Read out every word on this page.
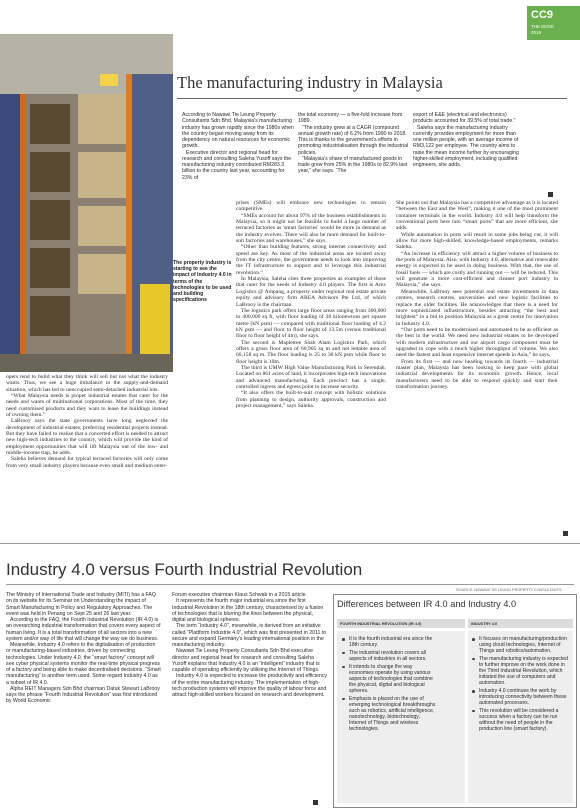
CC9
THE EDGE
2019
The manufacturing industry in Malaysia

According to Nawawi Tie Leung Property Consultants Sdn Bhd, Malaysia's manufacturing industry has grown rapidly since the 1980s when the country began moving away from its dependency on natural resources for economic growth.

Executive director and regional head for research and consulting Saleha Yusoff says the manufacturing industry contributed RM283.3 billion to the country last year, accounting for 23% of

the total economy — a five-fold increase from 1989.

“The industry grew at a CAGR (compound annual growth rate) of 6.2% from 1990 to 2018. This is thanks to the government's efforts in promoting industrialisation through the industrial policies.

“Malaysia's share of manufactured goods in trade grew from 25% in the 1980s to 82.9% last year,” she says. “The

export of E&E (electrical and electronics) products accounted for 39.5% of total trade.”

Saleha says the manufacturing industry currently provides employment for more than one million people, with an average income of RM3,122 per employee. The country aims to raise the mean income further by encouraging higher-skilled employment, including qualified engineers, she adds.

The property industry is starting to see the impact of Industry 4.0 in terms of the technologies to be used and building specifications

opers tend to build what they think will sell but not what the industry wants. Thus, we see a huge imbalance in the supply-and-demand situation, which has led to unoccupied semi-detached industrial lots.

“What Malaysia needs is proper industrial estates that cater for the needs and wants of multinational corporations. Most of the time, they need customised products and they want to lease the buildings instead of owning them.”

LaBrooy says the state governments have long neglected the development of industrial estates, preferring residential projects instead. But they have failed to realise that a concerted effort is needed to attract new high-tech industries to the country, which will provide the kind of employment opportunities that will lift Malaysia out of the low- and middle-income trap, he adds.

Saleha believes demand for typical terraced factories will only come from very small industry players because even small and medium enter-

prises (SMEs) will embrace new technologies to remain competitive.

“SMEs account for about 97% of the business establishments in Malaysia, so it might not be feasible to build a huge number of terraced factories as 'smart factories' would be more in demand as the industry evolves. There will also be more demand for built-to-suit factories and warehouses,” she says.

“Other than building features, strong internet connectivity and speed are key. As most of the industrial areas are located away from the city centre, the government needs to look into improving the IT infrastructure to support and to leverage this industrial revolution.”

In Malaysia, Saleha cites three properties as examples of those that cater for the needs of Industry 4.0 players. The first is Arex Logistics @ Ampang, a property under regional real estate private equity and advisory firm AREA Advisors Pte Ltd, of which LaBrooy is the chairman.

The logistics park offers large floor areas ranging from 300,000 to 400,000 sq ft, with floor loading of 30 kilonewtons per square metre (kN psm) — compared with traditional floor loading of 4.2 kN psm — and floor to floor height of 13.5m (versus traditional floor to floor height of 4m), she says.

The second is Mapletree Shah Alam Logistics Park, which offers a gross floor area of 60,905 sq m and net lettable area of 60,158 sq m. The floor loading is 25 to 30 kN psm while floor to floor height is 10m.

The third is UMW High Value Manufacturing Park in Serendah. Located on 861 acres of land, it incorporates high-tech innovations and advanced manufacturing. Each precinct has a single, controlled ingress and egress point to increase security.

“It also offers the built-to-suit concept with holistic solutions from planning to design, authority approvals, construction and project management,” says Saleha.

She points out that Malaysia has a competitive advantage as it is located “between the East and the West”, making it one of the most prominent container terminals in the world. Industry 4.0 will help transform the conventional ports here into “smart ports” that are more efficient, she adds.

While automation in ports will result in some jobs being cut, it will allow for more high-skilled, knowledge-based employments, remarks Saleha.

“An increase in efficiency will attract a higher volume of business to the ports of Malaysia. Also, with Industry 4.0, alternative and renewable energy is expected to be used in doing business. With that, the use of fossil fuels — which are costly and running out — will be reduced. This will generate a more cost-efficient and cleaner port industry in Malaysia,” she says.

Meanwhile, LaBrooy sees potential real estate investments in data centres, research centres, universities and new logistic facilities to replace the older facilities. He acknowledges that there is a need for more sophisticated infrastructure, besides attracting “the best and brightest” in a bid to position Malaysia as a great centre for innovation in Industry 4.0.

“Our ports need to be modernised and automated to be as efficient as the best in the world. We need new industrial estates to be developed with modern infrastructure and our airport cargo component must be upgraded to cope with a much higher throughput of volume. We also need the fastest and least expensive internet speeds in Asia,” he says.

From its first — and now heading towards its fourth — industrial master plan, Malaysia has been looking to keep pace with global industrial developments for its economic growth. Hence, local manufacturers need to be able to respond quickly and start their transformation journey.

Industry 4.0 versus Fourth Industrial Revolution

The Ministry of International Trade and Industry (MITI) has a FAQ on its website for its Seminar on Understanding the impact of Smart Manufacturing in Policy and Regulatory Approaches. The event was held in Penang on Sept 25 and 26 last year.

According to the FAQ, the Fourth Industrial Revolution (IR 4.0) is an overarching industrial transformation that covers every aspect of human living. It is a total transformation of all sectors into a new system and/or way of life that will change the way we do business.

Meanwhile, Industry 4.0 refers to the digitalisation of production or manufacturing-based industries, driven by connecting technologies. Under Industry 4.0, the “smart factory” concept will see cyber physical systems monitor the real-time physical progress of a factory and being able to make decentralised decisions. “Smart manufacturing” is another term used. Some regard Industry 4.0 as a subset of IR 4.0.

Alpha REIT Managers Sdn Bhd chairman Datuk Stewart LaBrooy says the phrase “Fourth Industrial Revolution” was first introduced by World Economic

Forum executive chairman Klaus Schwab in a 2015 article.

It represents the fourth major industrial era since the first Industrial Revolution in the 18th century, characterised by a fusion of technologies that is blurring the lines between the physical, digital and biological spheres.

The term “Industry 4.0”, meanwhile, is derived from an initiative called “Plattform Industrie 4.0”, which was first presented in 2011 to secure and expand Germany's leading international position in the manufacturing industry.

Nawawi Tie Leung Property Consultants Sdn Bhd executive director and regional head for research and consulting Saleha Yusoff explains that Industry 4.0 is an “intelligent” industry that is capable of operating efficiently by utilising the Internet of Things.

Industry 4.0 is expected to increase the productivity and efficiency of the entire manufacturing industry. The implementation of high-tech production systems will improve the quality of labour force and attract high-skilled workers focused on research and development.

SOURCE: NAWAWI TIE LEUNG PROPERTY CONSULTANTS
Differences between IR 4.0 and Industry 4.0
FOURTH INDUSTRIAL REVOLUTION (IR 4.0)	INDUSTRY 4.0
It is the fourth industrial era since the 18th century.
The industrial revolution covers all aspects of industries in all sectors.
It intends to change the way economies operate by using various aspects of technologies that combine the physical, digital and biological spheres.
Emphasis is placed on the use of emerging technological breakthroughs such as robotics, artificial intelligence, nanotechnology, biotechnology, Internet of Things and wireless technologies.
It focuses on manufacturing/production using cloud technologies, Internet of Things and robotics/automation.
The manufacturing industry is expected to further improve on the work done in the Third Industrial Revolution, which initiated the use of computers and automation.
Industry 4.0 continues the work by introducing connectivity between these automated processes.
This revolution will be considered a success when a factory can be run without the need of people in the production line (smart factory).
